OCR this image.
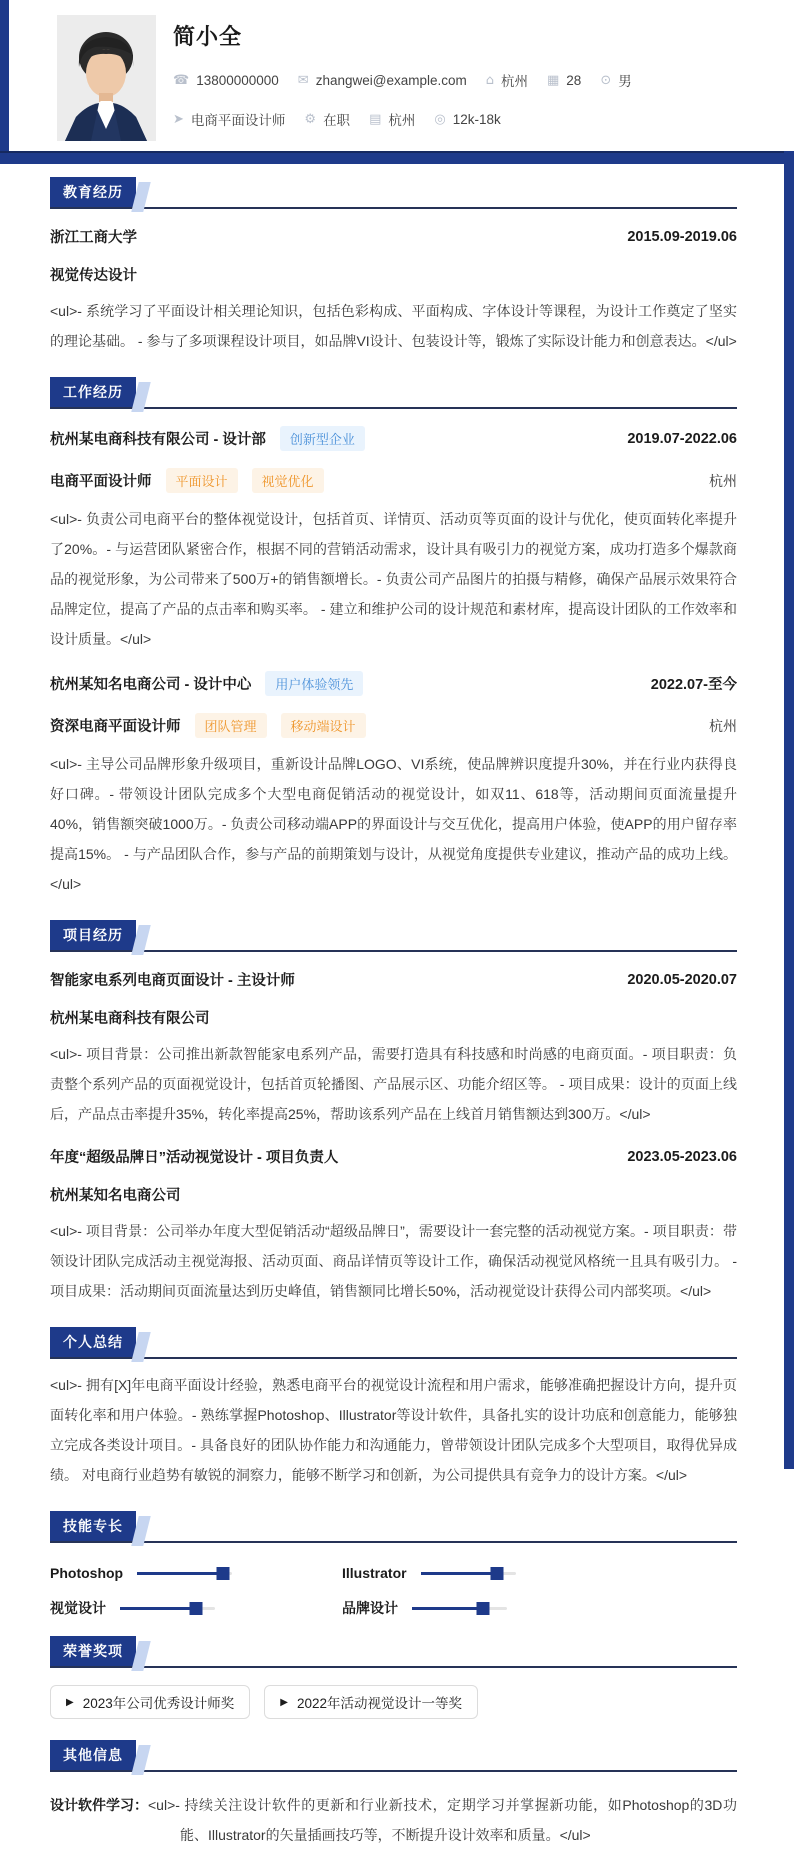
简小全
☎ 13800000000 ✉ zhangwei@example.com ⌂ 杭州 ▦ 28 ⊙ 男
➤ 电商平面设计师 ⚙ 在职 ▤ 杭州 ◎ 12k-18k
教育经历
浙江工商大学	2015.09-2019.06
视觉传达设计
<ul>- 系统学习了平面设计相关理论知识，包括色彩构成、平面构成、字体设计等课程，为设计工作奠定了坚实的理论基础。 - 参与了多项课程设计项目，如品牌VI设计、包装设计等，锻炼了实际设计能力和创意表达。</ul>
工作经历
杭州某电商科技有限公司 - 设计部	创新型企业	2019.07-2022.06
电商平面设计师	平面设计	视觉优化	杭州
<ul>- 负责公司电商平台的整体视觉设计，包括首页、详情页、活动页等页面的设计与优化，使页面转化率提升了20%。- 与运营团队紧密合作，根据不同的营销活动需求，设计具有吸引力的视觉方案，成功打造多个爆款商品的视觉形象，为公司带来了500万+的销售额增长。- 负责公司产品图片的拍摄与精修，确保产品展示效果符合品牌定位，提高了产品的点击率和购买率。 - 建立和维护公司的设计规范和素材库，提高设计团队的工作效率和设计质量。</ul>
杭州某知名电商公司 - 设计中心	用户体验领先	2022.07-至今
资深电商平面设计师	团队管理	移动端设计	杭州
<ul>- 主导公司品牌形象升级项目，重新设计品牌LOGO、VI系统，使品牌辨识度提升30%，并在行业内获得良好口碑。- 带领设计团队完成多个大型电商促销活动的视觉设计，如双11、618等，活动期间页面流量提升40%，销售额突破1000万。- 负责公司移动端APP的界面设计与交互优化，提高用户体验，使APP的用户留存率提高15%。 - 与产品团队合作，参与产品的前期策划与设计，从视觉角度提供专业建议，推动产品的成功上线。</ul>
项目经历
智能家电系列电商页面设计 - 主设计师	2020.05-2020.07
杭州某电商科技有限公司
<ul>- 项目背景：公司推出新款智能家电系列产品，需要打造具有科技感和时尚感的电商页面。- 项目职责：负责整个系列产品的页面视觉设计，包括首页轮播图、产品展示区、功能介绍区等。 - 项目成果：设计的页面上线后，产品点击率提升35%，转化率提高25%，帮助该系列产品在上线首月销售额达到300万。</ul>
年度“超级品牌日”活动视觉设计 - 项目负责人	2023.05-2023.06
杭州某知名电商公司
<ul>- 项目背景：公司举办年度大型促销活动“超级品牌日”，需要设计一套完整的活动视觉方案。- 项目职责：带领设计团队完成活动主视觉海报、活动页面、商品详情页等设计工作，确保活动视觉风格统一且具有吸引力。 - 项目成果：活动期间页面流量达到历史峰值，销售额同比增长50%，活动视觉设计获得公司内部奖项。</ul>
个人总结
<ul>- 拥有[X]年电商平面设计经验，熟悉电商平台的视觉设计流程和用户需求，能够准确把握设计方向，提升页面转化率和用户体验。- 熟练掌握Photoshop、Illustrator等设计软件，具备扎实的设计功底和创意能力，能够独立完成各类设计项目。- 具备良好的团队协作能力和沟通能力，曾带领设计团队完成多个大型项目，取得优异成绩。 对电商行业趋势有敏锐的洞察力，能够不断学习和创新，为公司提供具有竞争力的设计方案。</ul>
技能专长
Photoshop	Illustrator
视觉设计	品牌设计
荣誉奖项
▶ 2023年公司优秀设计师奖	▶ 2022年活动视觉设计一等奖
其他信息
设计软件学习： <ul>- 持续关注设计软件的更新和行业新技术，定期学习并掌握新功能，如Photoshop的3D功能、Illustrator的矢量插画技巧等，不断提升设计效率和质量。</ul>
